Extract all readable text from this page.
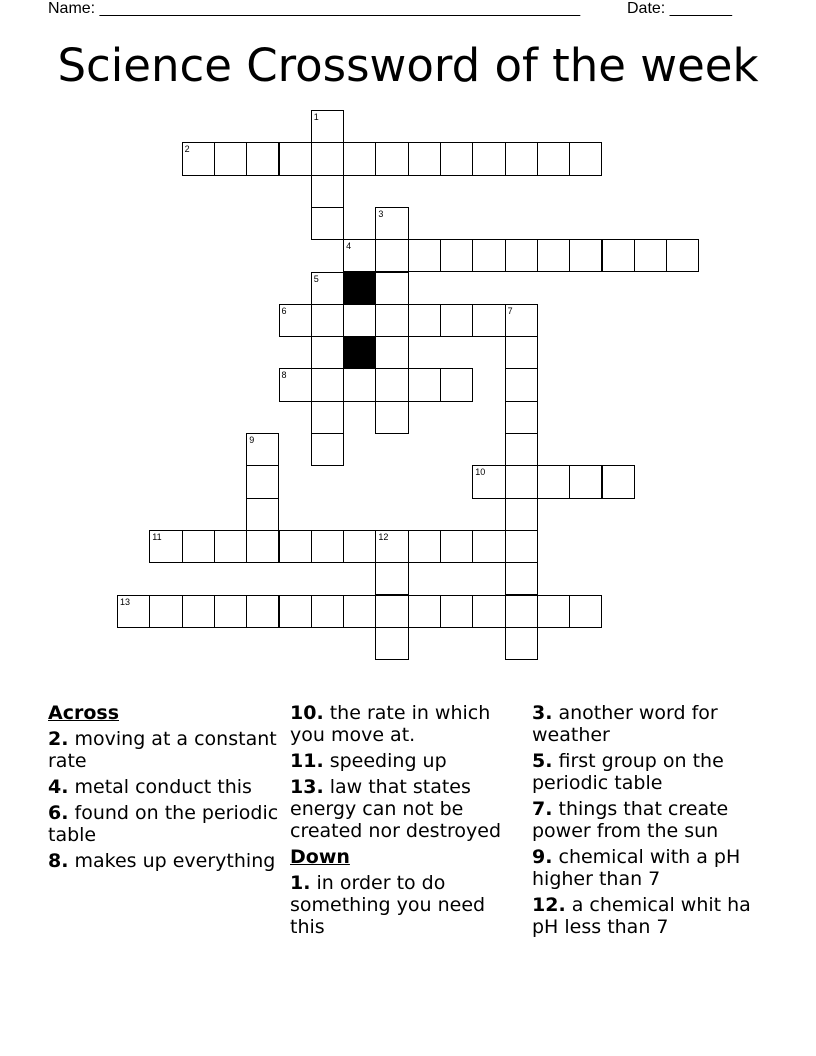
Name: ______________________________________________________	Date: _______
Science Crossword of the week
1
2
3
4
5
6	7
8
9
10
11	12
13
Across
2. moving at a constant rate
4. metal conduct this
6. found on the periodic table
8. makes up everything
10. the rate in which you move at.
11. speeding up
13. law that states energy can not be created nor destroyed
Down
1. in order to do something you need this
3. another word for weather
5. first group on the periodic table
7. things that create power from the sun
9. chemical with a pH higher than 7
12. a chemical whit ha pH less than 7
